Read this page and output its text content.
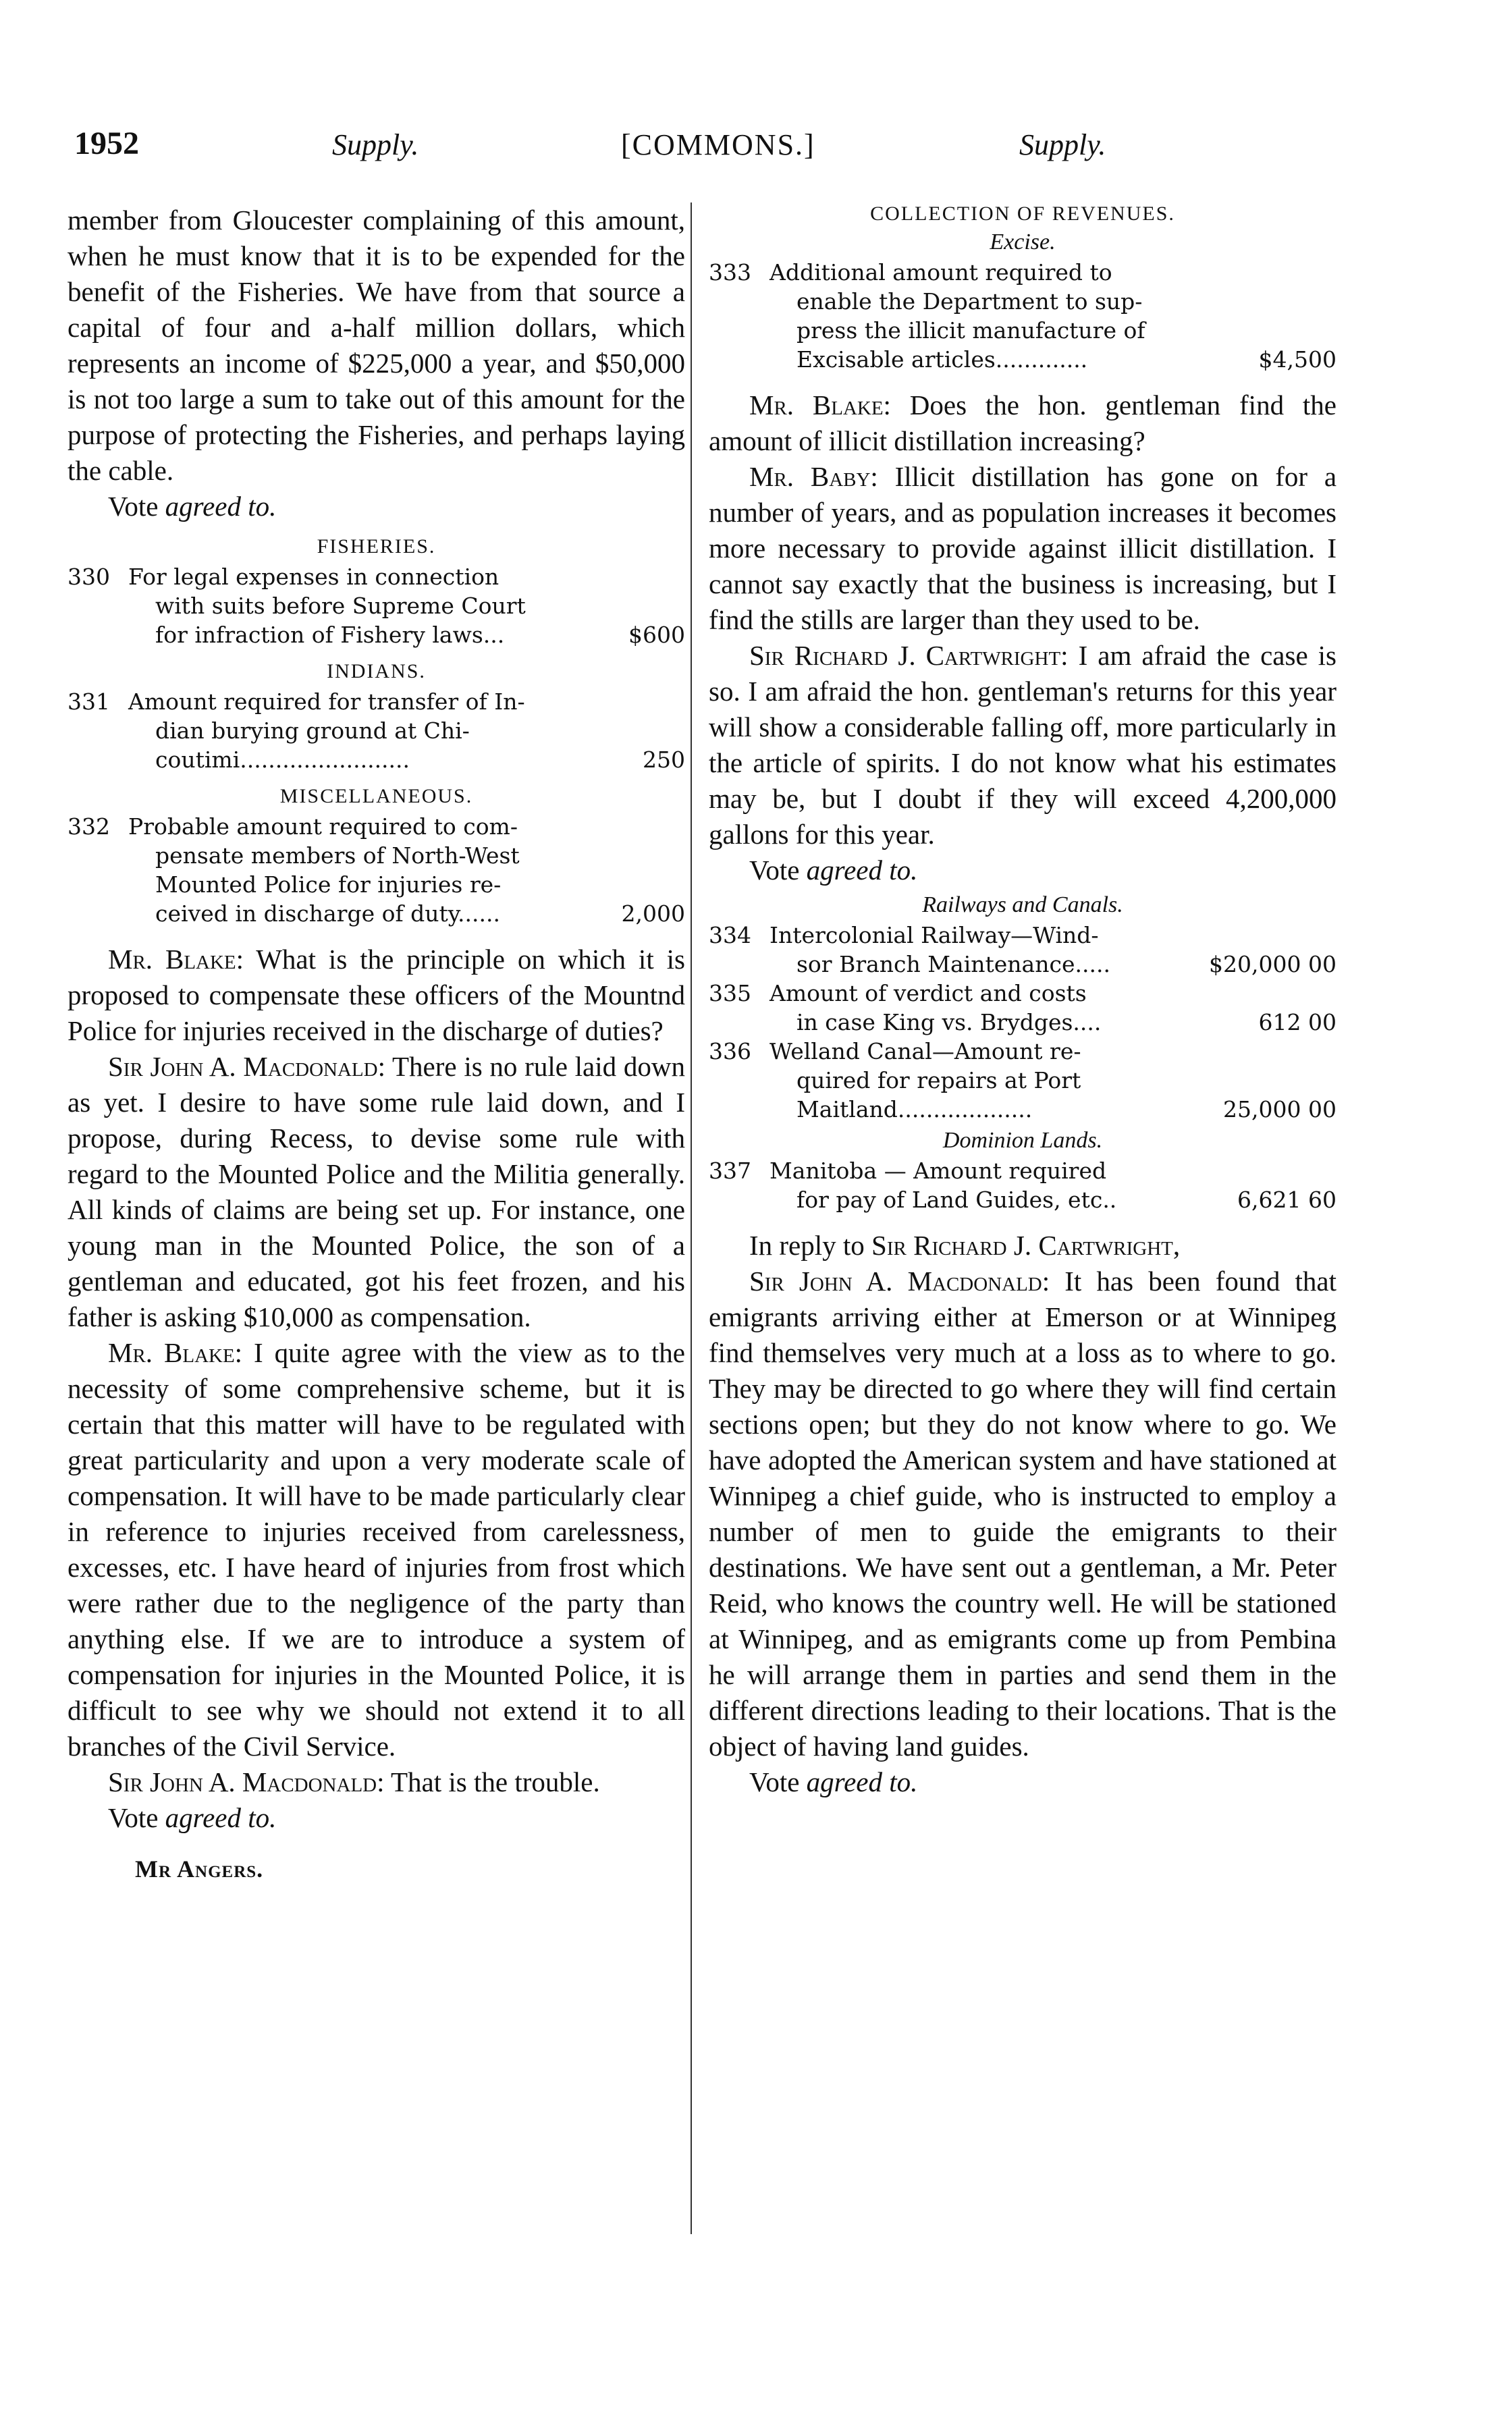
1952	Supply.	[COMMONS.]	Supply.

member from Gloucester complaining of this amount, when he must know that it is to be expended for the benefit of the Fisheries. We have from that source a capital of four and a-half million dollars, which represents an income of $225,000 a year, and $50,000 is not too large a sum to take out of this amount for the purpose of protecting the Fisheries, and perhaps laying the cable.

Vote agreed to.

FISHERIES.
330 For legal expenses in connection
with suits before Supreme Court
for infraction of Fishery laws...	$600
INDIANS.
331 Amount required for transfer of In-
dian burying ground at Chi-
coutimi........................	250
MISCELLANEOUS.
332 Probable amount required to com-
pensate members of North-West
Mounted Police for injuries re-
ceived in discharge of duty......	2,000

Mr. Blake: What is the principle on which it is proposed to compensate these officers of the Mountnd Police for injuries received in the discharge of duties?

Sir John A. Macdonald: There is no rule laid down as yet. I desire to have some rule laid down, and I propose, during Recess, to devise some rule with regard to the Mounted Police and the Militia generally. All kinds of claims are being set up. For instance, one young man in the Mounted Police, the son of a gentleman and educated, got his feet frozen, and his father is asking $10,000 as compensation.

Mr. Blake: I quite agree with the view as to the necessity of some comprehensive scheme, but it is certain that this matter will have to be regulated with great particularity and upon a very moderate scale of compensation. It will have to be made particularly clear in reference to injuries received from carelessness, excesses, etc. I have heard of injuries from frost which were rather due to the negligence of the party than anything else. If we are to introduce a system of compensation for injuries in the Mounted Police, it is difficult to see why we should not extend it to all branches of the Civil Service.

Sir John A. Macdonald: That is the trouble.

Vote agreed to.

Mr Angers.
COLLECTION OF REVENUES.
Excise.
333 Additional amount required to
enable the Department to sup-
press the illicit manufacture of
Excisable articles.............	$4,500

Mr. Blake: Does the hon. gentleman find the amount of illicit distillation increasing?

Mr. Baby: Illicit distillation has gone on for a number of years, and as population increases it becomes more necessary to provide against illicit distillation. I cannot say exactly that the business is increasing, but I find the stills are larger than they used to be.

Sir Richard J. Cartwright: I am afraid the case is so. I am afraid the hon. gentleman's returns for this year will show a considerable falling off, more particularly in the article of spirits. I do not know what his estimates may be, but I doubt if they will exceed 4,200,000 gallons for this year.

Vote agreed to.

Railways and Canals.
334 Intercolonial Railway—Wind-
sor Branch Maintenance.....	$20,000 00
335 Amount of verdict and costs
in case King vs. Brydges....	612 00
336 Welland Canal—Amount re-
quired for repairs at Port
Maitland...................	25,000 00
Dominion Lands.
337 Manitoba — Amount required
for pay of Land Guides, etc..	6,621 60

In reply to Sir Richard J. Cartwright,

Sir John A. Macdonald: It has been found that emigrants arriving either at Emerson or at Winnipeg find themselves very much at a loss as to where to go. They may be directed to go where they will find certain sections open; but they do not know where to go. We have adopted the American system and have stationed at Winnipeg a chief guide, who is instructed to employ a number of men to guide the emigrants to their destinations. We have sent out a gentleman, a Mr. Peter Reid, who knows the country well. He will be stationed at Winnipeg, and as emigrants come up from Pembina he will arrange them in parties and send them in the different directions leading to their locations. That is the object of having land guides.

Vote agreed to.
